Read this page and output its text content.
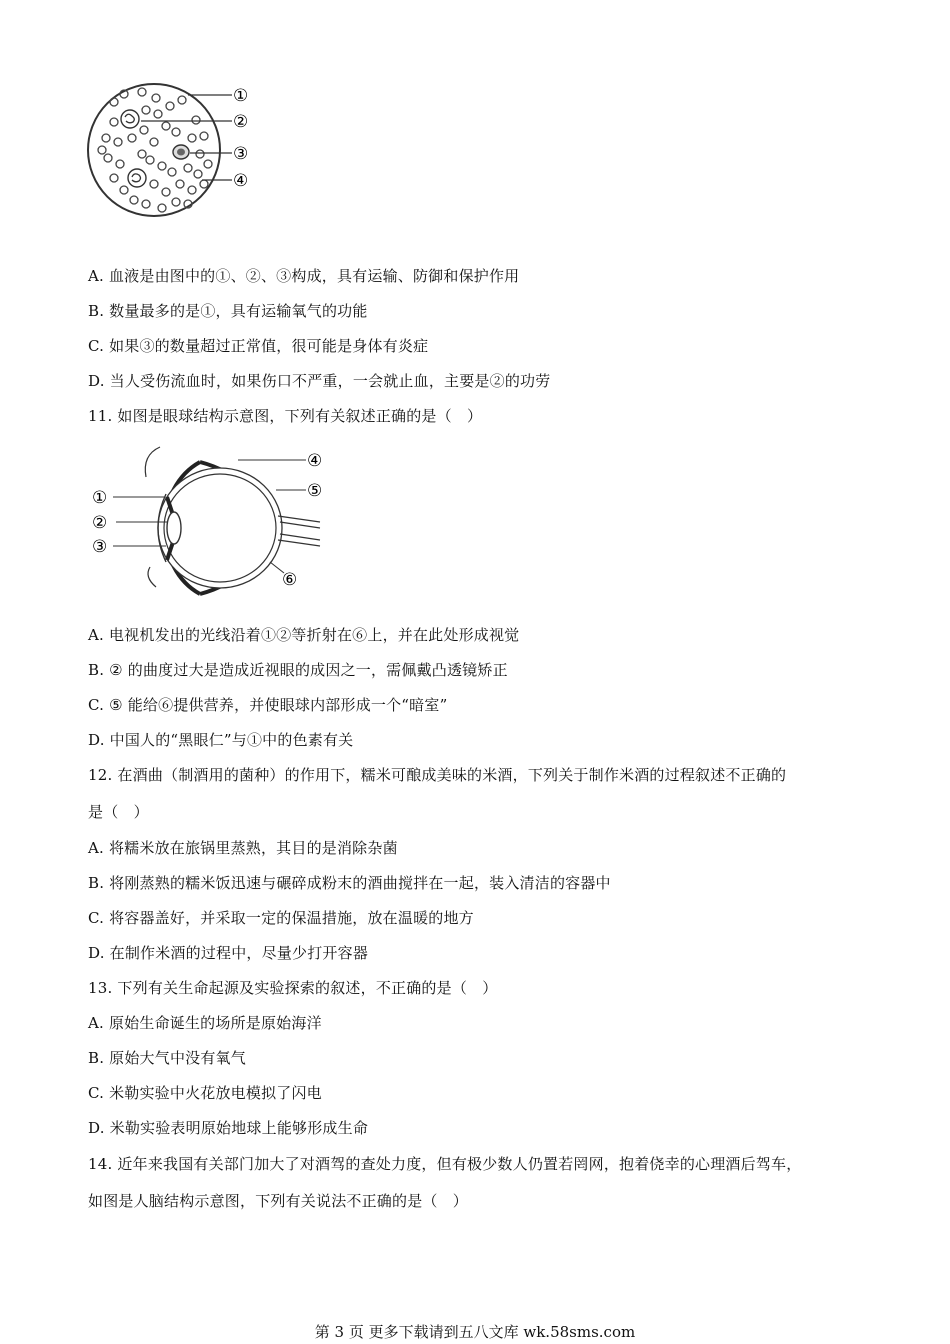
①
②
③
④
A. 血液是由图中的①、②、③构成，具有运输、防御和保护作用
B. 数量最多的是①，具有运输氧气的功能
C. 如果③的数量超过正常值，很可能是身体有炎症
D. 当人受伤流血时，如果伤口不严重，一会就止血，主要是②的功劳
11. 如图是眼球结构示意图，下列有关叙述正确的是（　）
①
②
③
④
⑤
⑥
A. 电视机发出的光线沿着①②等折射在⑥上，并在此处形成视觉
B. ② 的曲度过大是造成近视眼的成因之一，需佩戴凸透镜矫正
C. ⑤ 能给⑥提供营养，并使眼球内部形成一个“暗室”
D. 中国人的“黑眼仁”与①中的色素有关
12. 在酒曲（制酒用的菌种）的作用下，糯米可酿成美味的米酒，下列关于制作米酒的过程叙述不正确的
是（　）
A. 将糯米放在旅锅里蒸熟，其目的是消除杂菌
B. 将刚蒸熟的糯米饭迅速与碾碎成粉末的酒曲搅拌在一起，装入清洁的容器中
C. 将容器盖好，并采取一定的保温措施，放在温暖的地方
D. 在制作米酒的过程中，尽量少打开容器
13. 下列有关生命起源及实验探索的叙述，不正确的是（　）
A. 原始生命诞生的场所是原始海洋
B. 原始大气中没有氧气
C. 米勒实验中火花放电模拟了闪电
D. 米勒实验表明原始地球上能够形成生命
14. 近年来我国有关部门加大了对酒驾的查处力度，但有极少数人仍置若罔网，抱着侥幸的心理酒后驾车，
如图是人脑结构示意图，下列有关说法不正确的是（　）
第 3 页 更多下载请到五八文库 wk.58sms.com
